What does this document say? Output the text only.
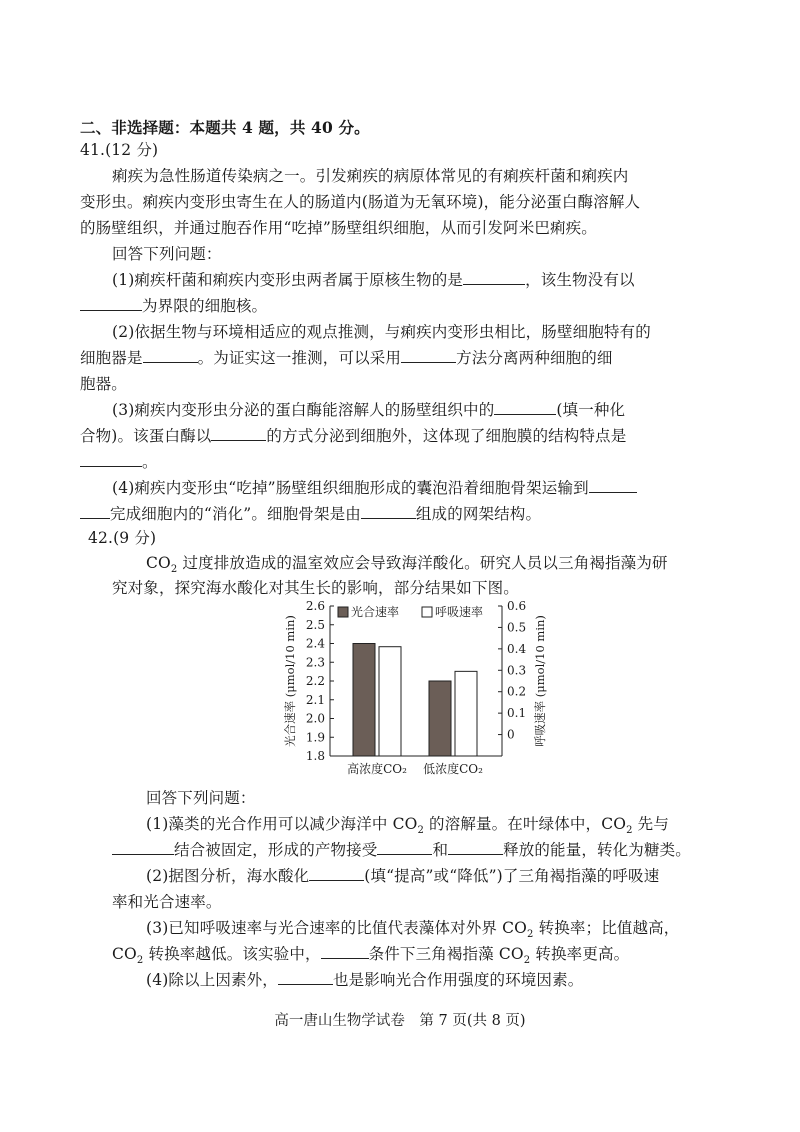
二、非选择题：本题共 4 题，共 40 分。
41.(12 分)
痢疾为急性肠道传染病之一。引发痢疾的病原体常见的有痢疾杆菌和痢疾内
变形虫。痢疾内变形虫寄生在人的肠道内(肠道为无氧环境)，能分泌蛋白酶溶解人
的肠壁组织，并通过胞吞作用“吃掉”肠壁组织细胞，从而引发阿米巴痢疾。
回答下列问题：
(1)痢疾杆菌和痢疾内变形虫两者属于原核生物的是	，该生物没有以
为界限的细胞核。
(2)依据生物与环境相适应的观点推测，与痢疾内变形虫相比，肠壁细胞特有的
细胞器是	。为证实这一推测，可以采用	方法分离两种细胞的细
胞器。
(3)痢疾内变形虫分泌的蛋白酶能溶解人的肠壁组织中的	(填一种化
合物)。该蛋白酶以	的方式分泌到细胞外，这体现了细胞膜的结构特点是
。
(4)痢疾内变形虫“吃掉”肠壁组织细胞形成的囊泡沿着细胞骨架运输到
完成细胞内的“消化”。细胞骨架是由	组成的网架结构。
42.(9 分)
$CO_2$ 过度排放造成的温室效应会导致海洋酸化。研究人员以三角褐指藻为研
究对象，探究海水酸化对其生长的影响，部分结果如下图。
1.8
1.9
2.0
2.1
2.2
2.3
2.4
2.5
2.6
0
0.1
0.2
0.3
0.4
0.5
0.6
光合速率 (μmol/10 min)	呼吸速率 (μmol/10 min)
高浓度CO₂ 低浓度CO₂
光合速率	呼吸速率
回答下列问题：
(1)藻类的光合作用可以减少海洋中 $CO_2$ 的溶解量。在叶绿体中，$CO_2$ 先与
结合被固定，形成的产物接受	和	释放的能量，转化为糖类。
(2)据图分析，海水酸化	(填“提高”或“降低”)了三角褐指藻的呼吸速
率和光合速率。
(3)已知呼吸速率与光合速率的比值代表藻体对外界 $CO_2$ 转换率；比值越高，
$CO_2$ 转换率越低。该实验中，	条件下三角褐指藻 $CO_2$ 转换率更高。
(4)除以上因素外，	也是影响光合作用强度的环境因素。
高一唐山生物学试卷　第 7 页(共 8 页)
